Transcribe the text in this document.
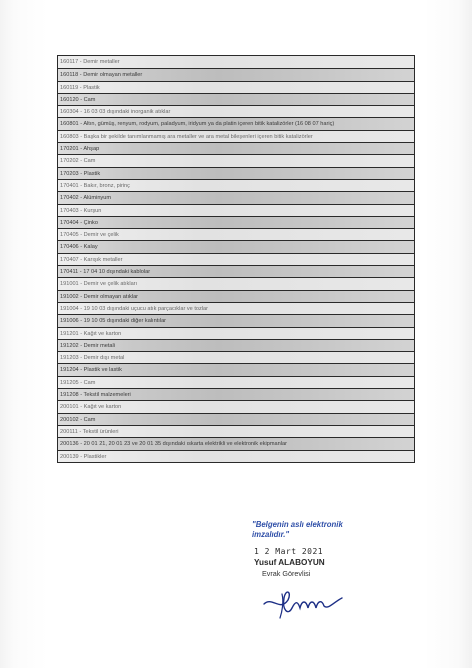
160117 - Demir metaller
160118 - Demir olmayan metaller
160119 - Plastik
160120 - Cam
160304 - 16 03 03 dışındaki inorganik atıklar
160801 - Altın, gümüş, renyum, rodyum, paladyum, iridyum ya da platin içeren bitik katalizörler (16 08 07 hariç)
160803 - Başka bir şekilde tanımlanmamış ara metaller ve ara metal bileşenleri içeren bitik katalizörler
170201 - Ahşap
170202 - Cam
170203 - Plastik
170401 - Bakır, bronz, pirinç
170402 - Alüminyum
170403 - Kurşun
170404 - Çinko
170405 - Demir ve çelik
170406 - Kalay
170407 - Karışık metaller
170411 - 17 04 10 dışındaki kablolar
191001 - Demir ve çelik atıkları
191002 - Demir olmayan atıklar
191004 - 19 10 03 dışındaki uçucu atık parçacıklar ve tozlar
191006 - 19 10 05 dışındaki diğer kalıntılar
191201 - Kağıt ve karton
191202 - Demir metali
191203 - Demir dışı metal
191204 - Plastik ve lastik
191205 - Cam
191208 - Tekstil malzemeleri
200101 - Kağıt ve karton
200102 - Cam
200111 - Tekstil ürünleri
200136 - 20 01 21, 20 01 23 ve 20 01 35 dışındaki ıskarta elektrikli ve elektronik ekipmanlar
200139 - Plastikler
"Belgenin aslı elektronik imzalıdır."
1 2 Mart 2021
Yusuf ALABOYUN
Evrak Görevlisi
